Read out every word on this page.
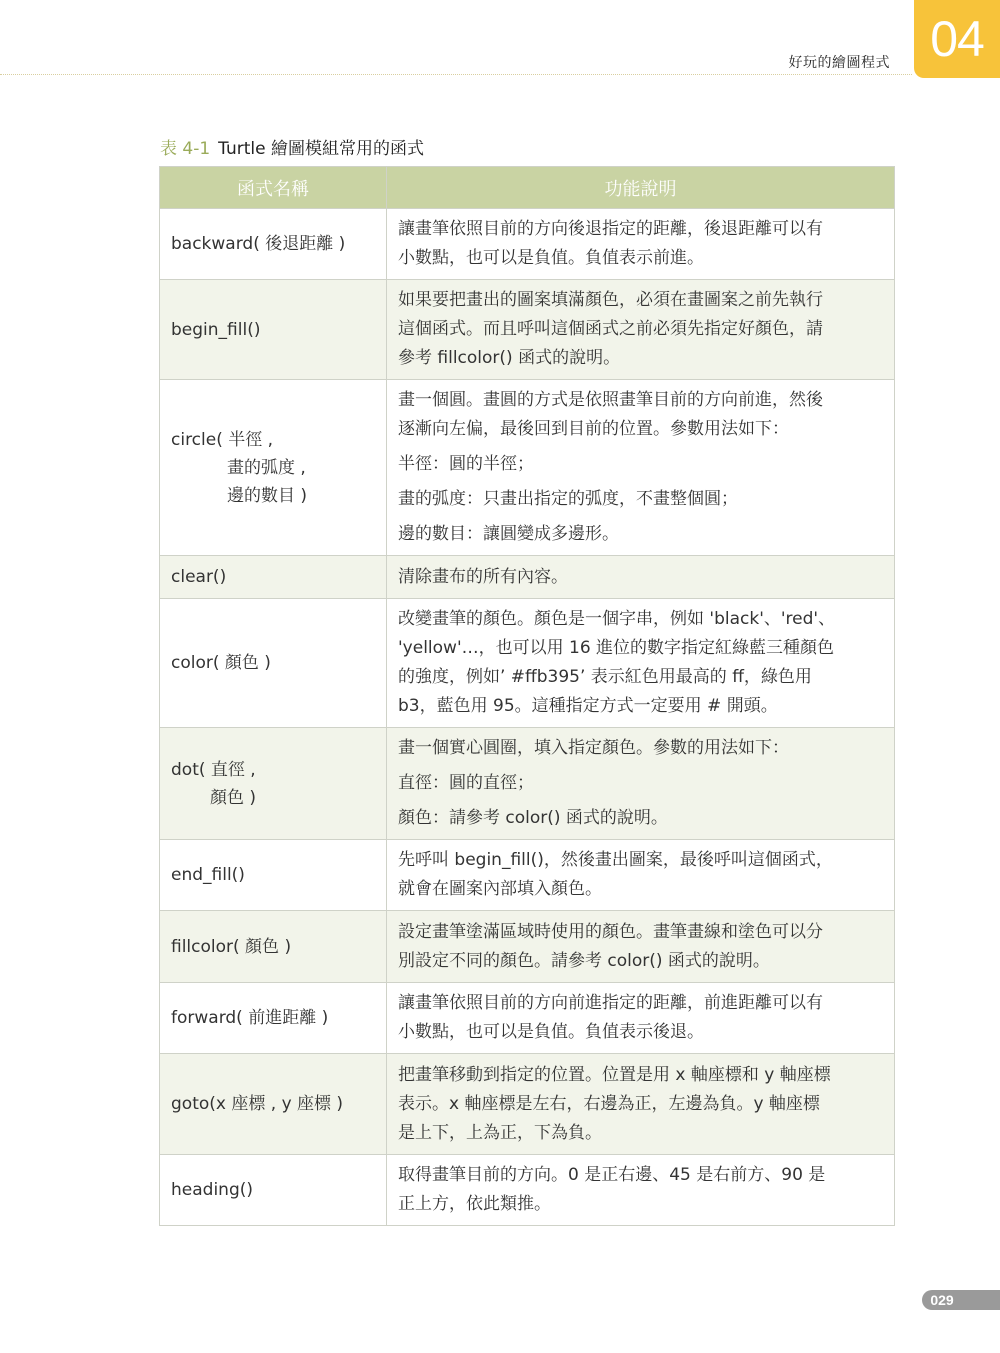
好玩的繪圖程式 04
表 4-1 Turtle 繪圖模組常用的函式
函式名稱	功能說明

backward( 後退距離 )	讓畫筆依照目前的方向後退指定的距離，後退距離可以有
小數點，也可以是負值。負值表示前進。

begin_fill()	如果要把畫出的圖案填滿顏色，必須在畫圖案之前先執行
這個函式。而且呼叫這個函式之前必須先指定好顏色，請
參考 fillcolor() 函式的說明。

circle( 半徑 ,
畫的弧度 ,
邊的數目 )	畫一個圓。畫圓的方式是依照畫筆目前的方向前進，然後
逐漸向左偏，最後回到目前的位置。參數用法如下：
半徑：圓的半徑；
畫的弧度：只畫出指定的弧度，不畫整個圓；
邊的數目：讓圓變成多邊形。

clear()	清除畫布的所有內容。

color( 顏色 )	改變畫筆的顏色。顏色是一個字串，例如 'black'、'red'、
'yellow'…，也可以用 16 進位的數字指定紅綠藍三種顏色
的強度，例如’ #ffb395’ 表示紅色用最高的 ff，綠色用
b3，藍色用 95。這種指定方式一定要用 # 開頭。

dot( 直徑 ,
顏色 )	畫一個實心圓圈，填入指定顏色。參數的用法如下：
直徑：圓的直徑；
顏色：請參考 color() 函式的說明。

end_fill()	先呼叫 begin_fill()，然後畫出圖案，最後呼叫這個函式，
就會在圖案內部填入顏色。

fillcolor( 顏色 )	設定畫筆塗滿區域時使用的顏色。畫筆畫線和塗色可以分
別設定不同的顏色。請參考 color() 函式的說明。

forward( 前進距離 )	讓畫筆依照目前的方向前進指定的距離，前進距離可以有
小數點，也可以是負值。負值表示後退。

goto(x 座標 , y 座標 )	把畫筆移動到指定的位置。位置是用 x 軸座標和 y 軸座標
表示。x 軸座標是左右，右邊為正，左邊為負。y 軸座標
是上下，上為正，下為負。

heading()	取得畫筆目前的方向。0 是正右邊、45 是右前方、90 是
正上方，依此類推。
029
